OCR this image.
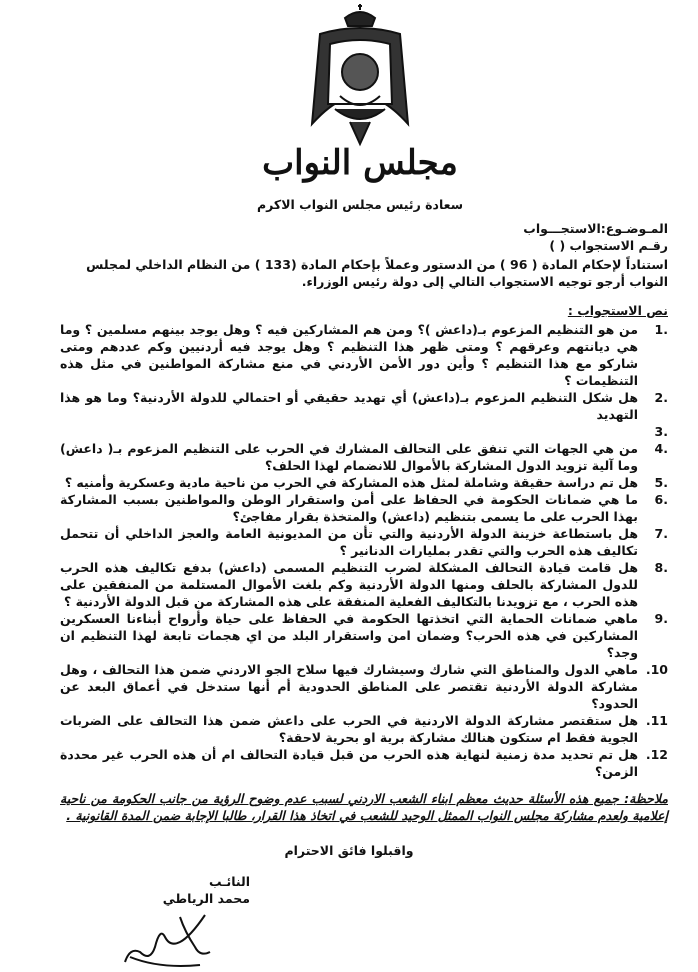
مجلس النواب
سعادة رئيس مجلس النواب الاكرم
المـوضـوع:الاستجـــواب
رقـم الاستجواب ( )
استناداً لإحكام المادة ( 96 ) من الدستور وعملاً بإحكام المادة (133 ) من النظام الداخلي لمجلس النواب أرجو توجيه الاستجواب التالي إلى دولة رئيس الوزراء.
نص الاستجواب :
.1
من هو التنظيم المزعوم بـ(داعش )؟ ومن هم المشاركين فيه ؟ وهل يوجد بينهم مسلمين ؟ وما هي ديانتهم وعرقهم ؟ ومتى ظهر هذا التنظيم ؟ وهل يوجد فيه أردنيين وكم عددهم ومتى شاركو مع هذا التنظيم ؟ وأين دور الأمن الأردني في منع مشاركة المواطنين في مثل هذه التنظيمات ؟
.2
هل شكل التنظيم المزعوم بـ(داعش) أي تهديد حقيقي أو احتمالي للدولة الأردنية؟ وما هو هذا التهديد
.3
.4
من هي الجهات التي تنفق على التحالف المشارك في الحرب على التنظيم المزعوم بـ( داعش) وما آلية تزويد الدول المشاركة بالأموال للانضمام لهذا الحلف؟
.5
هل تم دراسة حقيقة وشاملة لمثل هذه المشاركة في الحرب من ناحية مادية وعسكرية وأمنيه ؟
.6
ما هي ضمانات الحكومة في الحفاظ على أمن واستقرار الوطن والمواطنين بسبب المشاركة بهذا الحرب على ما يسمى بتنظيم (داعش) والمتخذة بقرار مفاجئ؟
.7
هل باستطاعة خزينة الدولة الأردنية والتي تأن من المديونية العامة والعجز الداخلي أن تتحمل تكاليف هذه الحرب والتي تقدر بمليارات الدنانير ؟
.8
هل قامت قيادة التحالف المشكلة لضرب التنظيم المسمى (داعش) بدفع تكاليف هذه الحرب للدول المشاركة بالحلف ومنها الدولة الأردنية وكم بلغت الأموال المستلمة من المنفقين على هذه الحرب ، مع تزويدنا بالتكاليف الفعلية المنفقة على هذه المشاركة من قبل الدولة الأردنية ؟
.9
ماهي ضمانات الحماية التي اتخذتها الحكومة في الحفاظ على حياة وأرواح أبناءنا العسكرين المشاركين في هذه الحرب؟ وضمان امن واستقرار البلد من اي هجمات تابعة لهذا التنظيم ان وجد؟
10.
ماهي الدول والمناطق التي شارك وسيشارك فيها سلاح الجو الاردني ضمن هذا التحالف ، وهل مشاركة الدولة الأردنية تقتصر على المناطق الحدودية أم أنها ستدخل في أعماق البعد عن الحدود؟
11.
هل ستقتصر مشاركة الدولة الاردنية في الحرب على داعش ضمن هذا التحالف على الضربات الجوية فقط ام ستكون هنالك مشاركة برية او بحرية لاحقة؟
12.
هل تم تحديد مدة زمنية لنهاية هذه الحرب من قبل قيادة التحالف ام أن هذه الحرب غير محددة الزمن؟
ملاحظة: جميع هذه الأسئلة حديث معظم ابناء الشعب الاردني لسبب عدم وضوح الرؤية من جانب الحكومة من ناحية إعلامية ولعدم مشاركة مجلس النواب الممثل الوحيد للشعب في اتخاذ هذا القرار، طالبا الإجابة ضمن المدة القانونية .
واقبلوا فائق الاحترام
النائـب
محمد الرياطي
